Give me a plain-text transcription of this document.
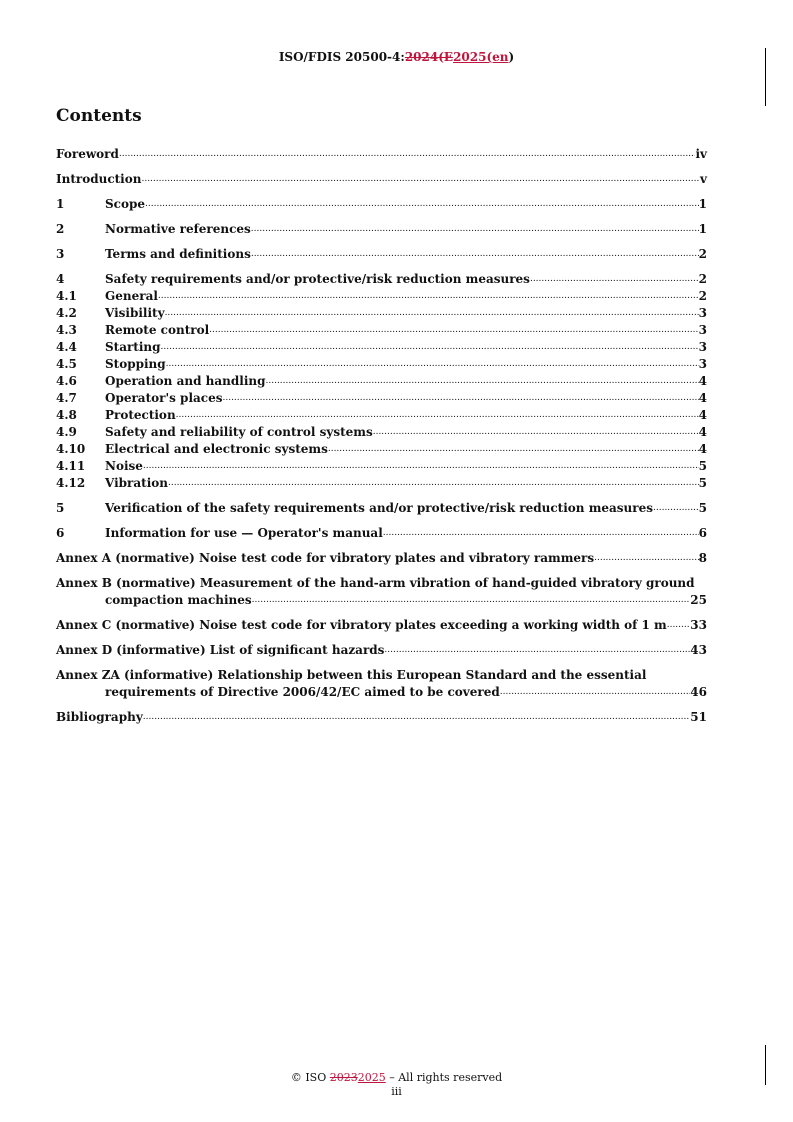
ISO/FDIS 20500-4:2024(E2025(en)
Contents
Foreword .....	iv
Introduction .....	v
1	Scope .....	1
2	Normative references .....	1
3	Terms and definitions .....	2
4	Safety requirements and/or protective/risk reduction measures .....	2
4.1 General .....	2
4.2 Visibility .....	3
4.3 Remote control .....	3
4.4 Starting .....	3
4.5 Stopping .....	3
4.6 Operation and handling .....	4
4.7 Operator's places .....	4
4.8 Protection .....	4
4.9 Safety and reliability of control systems .....	4
4.10 Electrical and electronic systems .....	4
4.11 Noise .....	5
4.12 Vibration .....	5
5	Verification of the safety requirements and/or protective/risk reduction measures .....	5
6	Information for use — Operator's manual .....	6
Annex A (normative) Noise test code for vibratory plates and vibratory rammers .....	8
Annex B (normative) Measurement of the hand-arm vibration of hand-guided vibratory ground
compaction machines .....	25
Annex C (normative) Noise test code for vibratory plates exceeding a working width of 1 m ..... 33
Annex D (informative) List of significant hazards .....	43
Annex ZA (informative) Relationship between this European Standard and the essential
requirements of Directive 2006/42/EC aimed to be covered .....	46
Bibliography .....	51
© ISO 20232025 – All rights reserved
iii
